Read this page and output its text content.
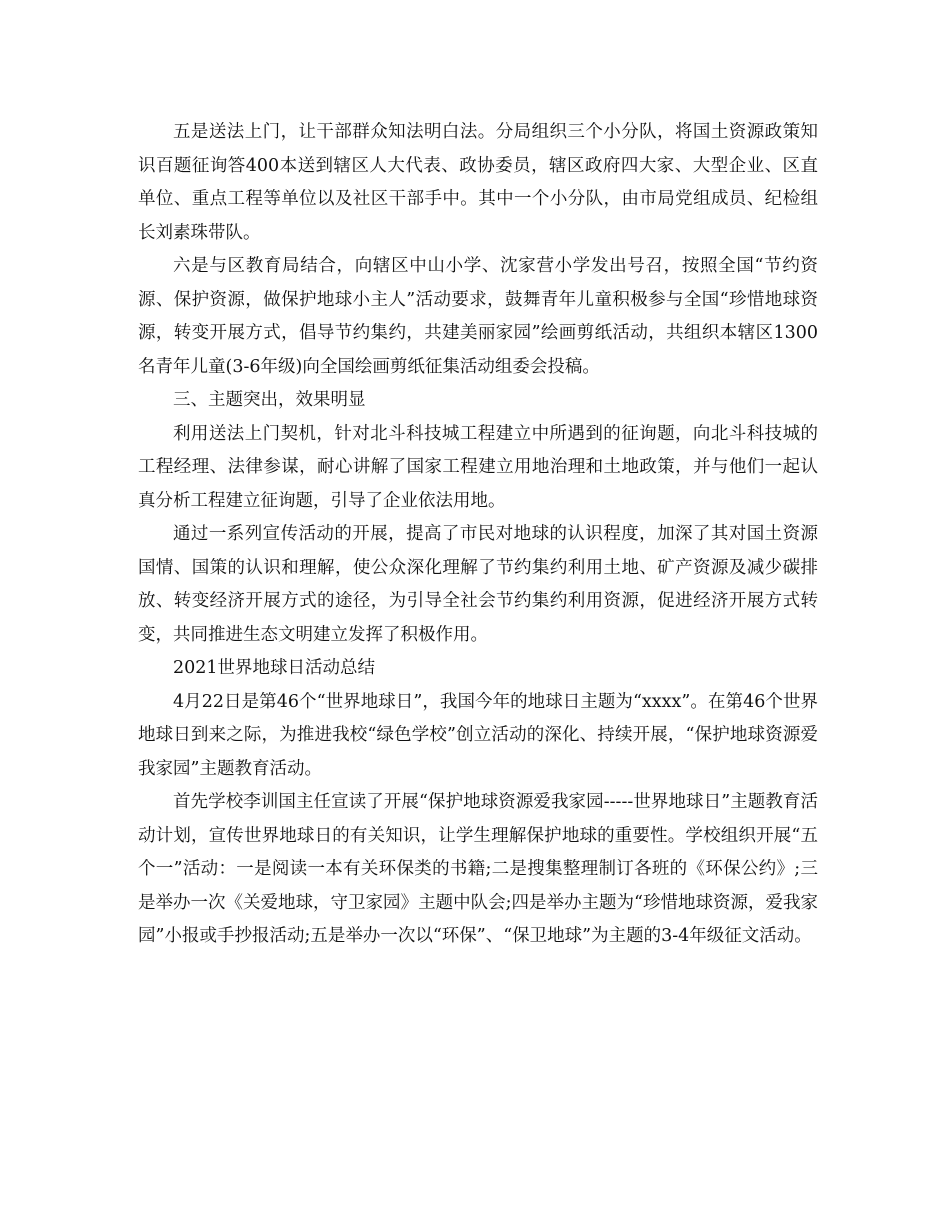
五是送法上门，让干部群众知法明白法。分局组织三个小分队，将国土资源政策知识百题征询答400本送到辖区人大代表、政协委员，辖区政府四大家、大型企业、区直单位、重点工程等单位以及社区干部手中。其中一个小分队，由市局党组成员、纪检组长刘素珠带队。

六是与区教育局结合，向辖区中山小学、沈家营小学发出号召，按照全国“节约资源、保护资源，做保护地球小主人”活动要求，鼓舞青年儿童积极参与全国“珍惜地球资源，转变开展方式，倡导节约集约，共建美丽家园”绘画剪纸活动，共组织本辖区1300名青年儿童(3-6年级)向全国绘画剪纸征集活动组委会投稿。

三、主题突出，效果明显

利用送法上门契机，针对北斗科技城工程建立中所遇到的征询题，向北斗科技城的工程经理、法律参谋，耐心讲解了国家工程建立用地治理和土地政策，并与他们一起认真分析工程建立征询题，引导了企业依法用地。

通过一系列宣传活动的开展，提高了市民对地球的认识程度，加深了其对国土资源国情、国策的认识和理解，使公众深化理解了节约集约利用土地、矿产资源及减少碳排放、转变经济开展方式的途径，为引导全社会节约集约利用资源，促进经济开展方式转变，共同推进生态文明建立发挥了积极作用。

2021世界地球日活动总结

4月22日是第46个“世界地球日”，我国今年的地球日主题为“xxxx”。在第46个世界地球日到来之际，为推进我校“绿色学校”创立活动的深化、持续开展，“保护地球资源爱我家园”主题教育活动。

首先学校李训国主任宣读了开展“保护地球资源爱我家园-----世界地球日”主题教育活动计划，宣传世界地球日的有关知识，让学生理解保护地球的重要性。学校组织开展“五个一”活动：一是阅读一本有关环保类的书籍;二是搜集整理制订各班的《环保公约》;三是举办一次《关爱地球，守卫家园》主题中队会;四是举办主题为“珍惜地球资源，爱我家园”小报或手抄报活动;五是举办一次以“环保”、“保卫地球”为主题的3-4年级征文活动。
